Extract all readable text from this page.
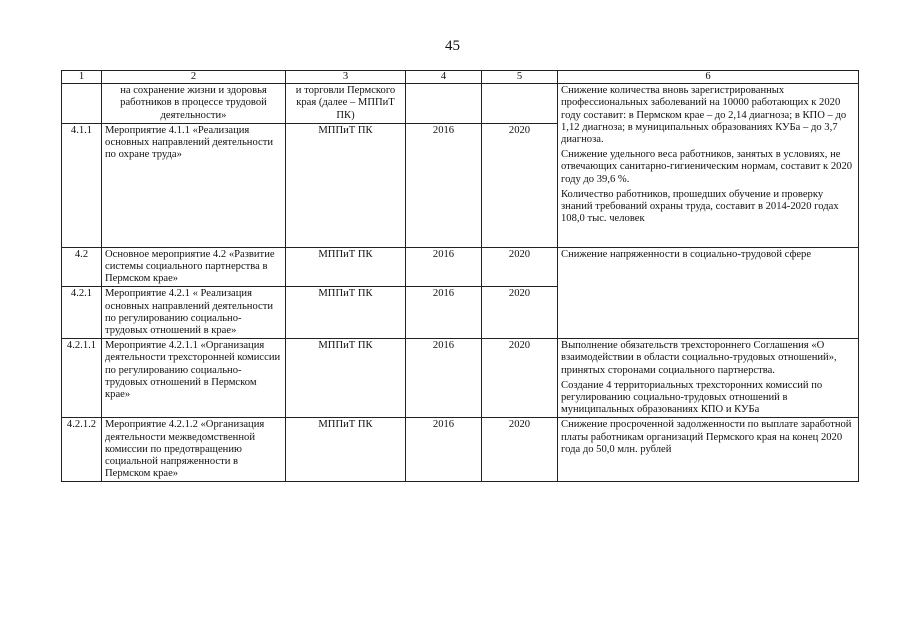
45
1	2	3	4	5	6
	на сохранение жизни и здоровья работников в процессе трудовой деятельности»	и торговли Пермского края (далее – МППиТ ПК)			Снижение количества вновь зарегистрированных профессиональных заболеваний на 10000 работающих к 2020 году составит: в Пермском крае – до 2,14 диагноза; в КПО – до 1,12 диагноза; в муниципальных образованиях КУБа – до 3,7 диагноза.
Снижение удельного веса работников, занятых в условиях, не отвечающих санитарно-гигиеническим нормам, составит к 2020 году до 39,6 %.
Количество работников, прошедших обучение и проверку знаний требований охраны труда, составит в 2014-2020 годах 108,0 тыс. человек

4.1.1	Мероприятие 4.1.1 «Реализация основных направлений деятельности по охране труда»	МППиТ ПК	2016	2020	
4.2	Основное мероприятие 4.2 «Развитие системы социального партнерства в Пермском крае»	МППиТ ПК	2016	2020	Снижение напряженности в социально-трудовой сфере

4.2.1	Мероприятие 4.2.1 « Реализация основных направлений деятельности по регулированию социально-трудовых отношений в крае»	МППиТ ПК	2016	2020	
4.2.1.1	Мероприятие 4.2.1.1 «Организация деятельности трехсторонней комиссии по регулированию социально-трудовых отношений в Пермском крае»	МППиТ ПК	2016	2020	Выполнение обязательств трехстороннего Соглашения «О взаимодействии в области социально-трудовых отношений», принятых сторонами социального партнерства.
Создание 4 территориальных трехсторонних комиссий по регулированию социально-трудовых отношений в муниципальных образованиях КПО и КУБа

4.2.1.2	Мероприятие 4.2.1.2 «Организация деятельности межведомственной комиссии по предотвращению социальной напряженности в Пермском крае»	МППиТ ПК	2016	2020	Снижение просроченной задолженности по выплате заработной платы работникам организаций Пермского края на конец 2020 года до 50,0 млн. рублей
